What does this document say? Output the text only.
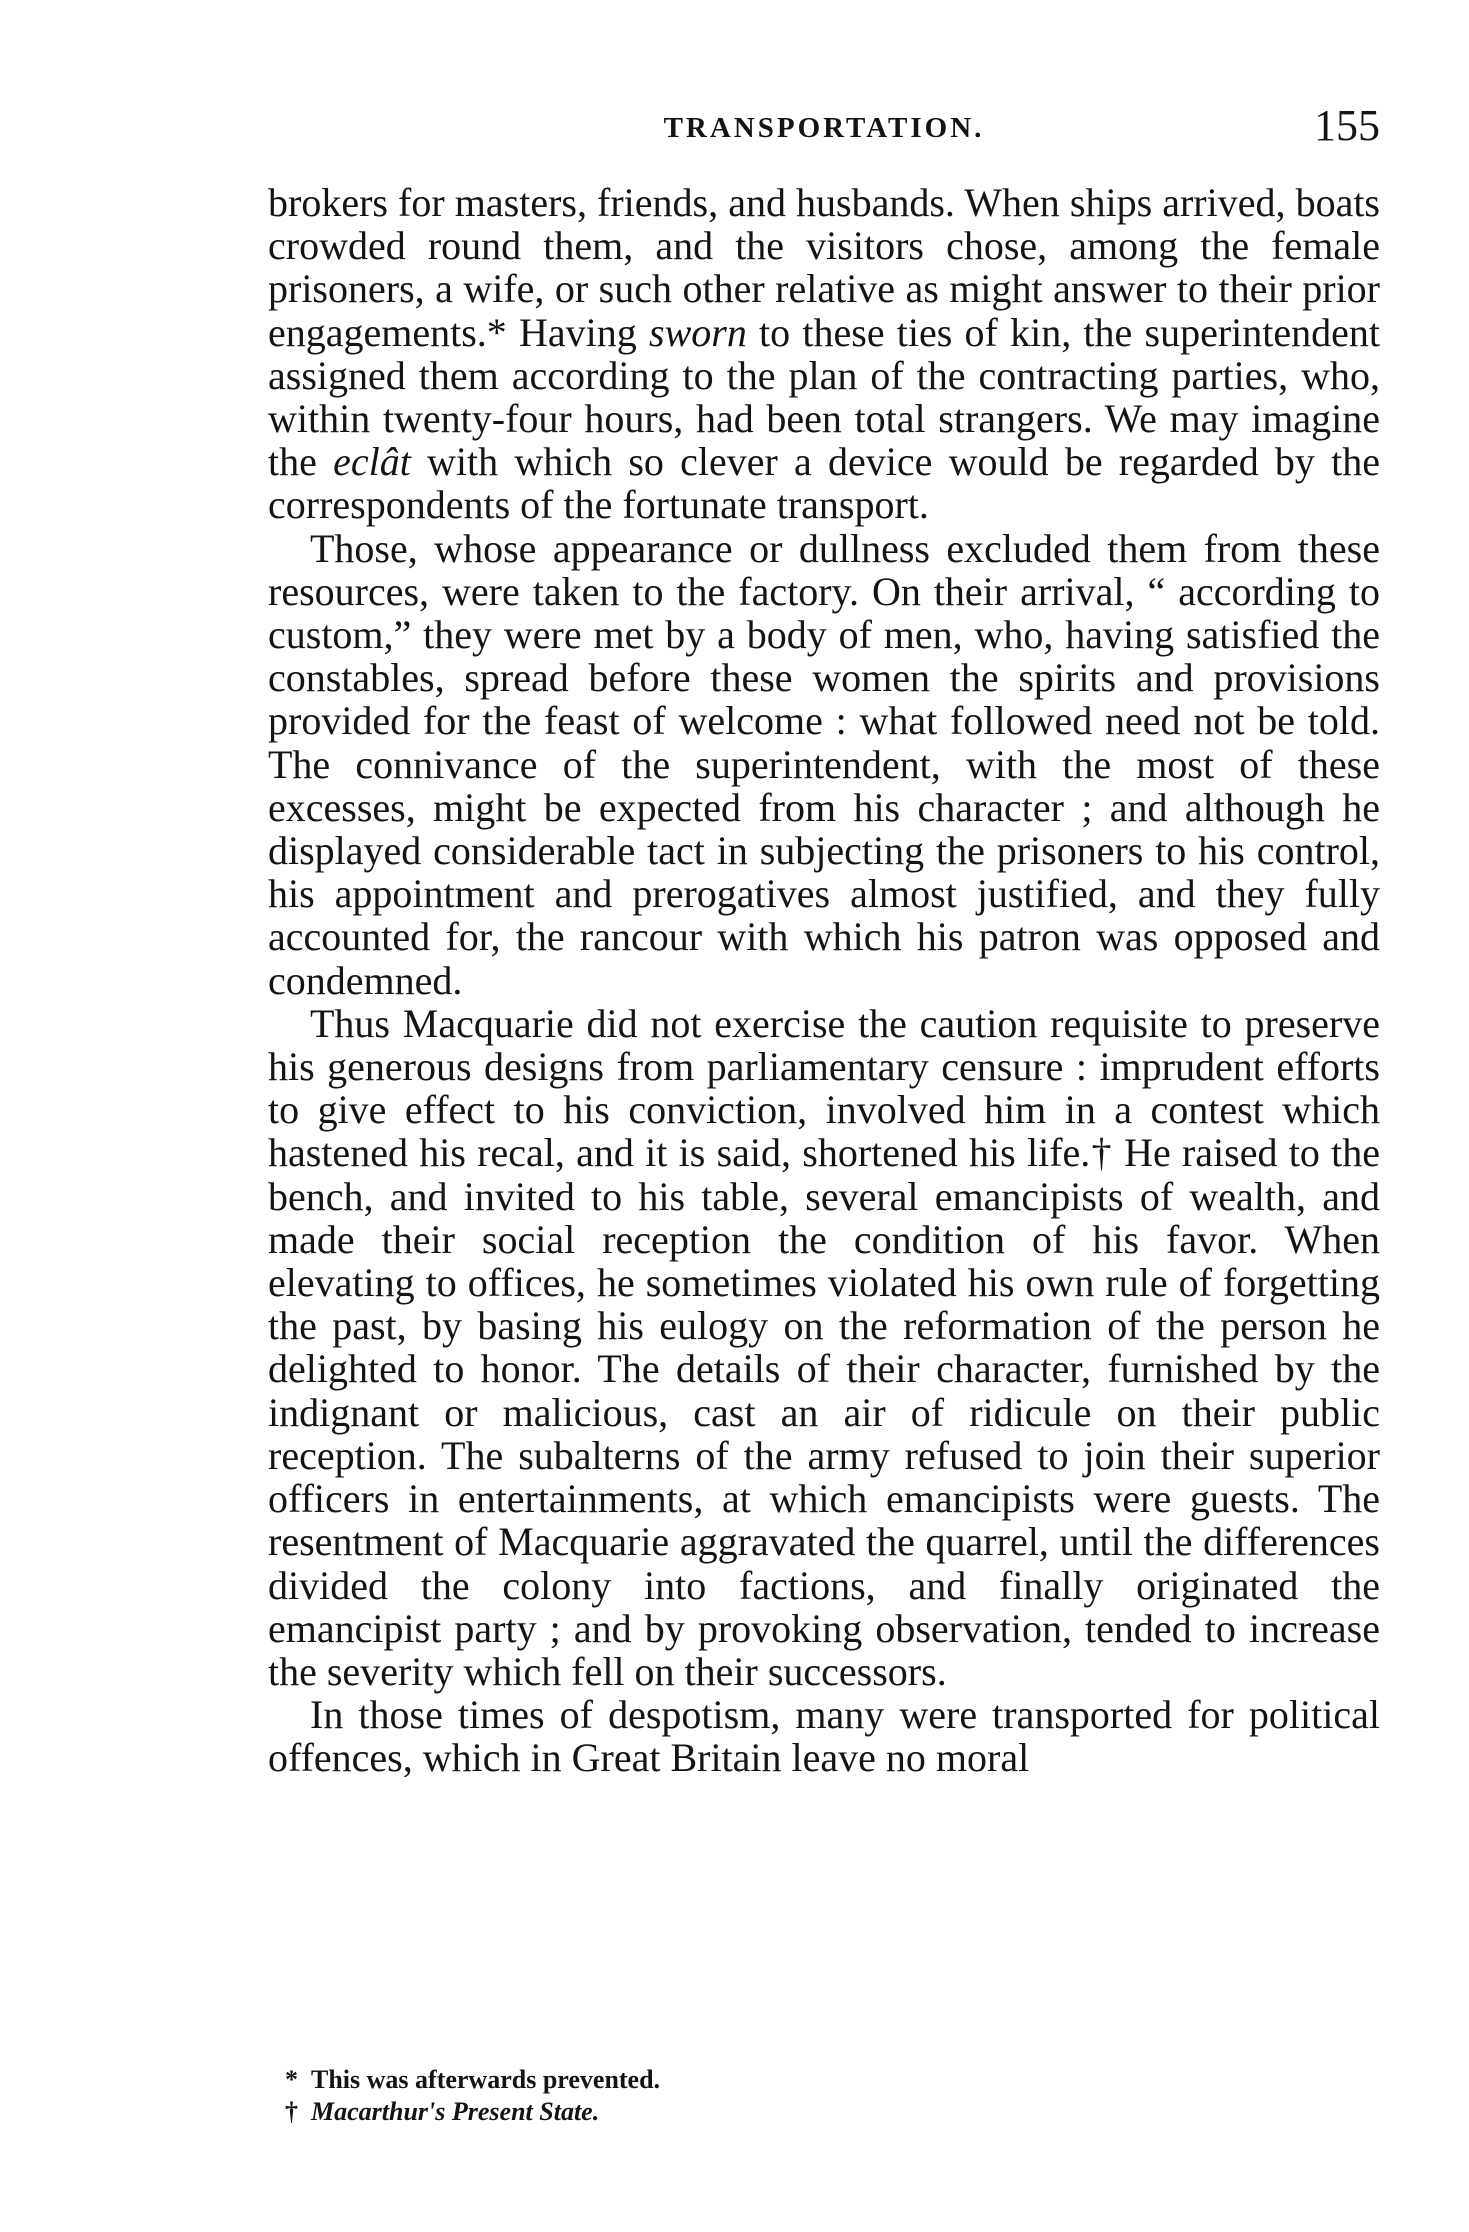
TRANSPORTATION.	155

brokers for masters, friends, and husbands. When ships arrived, boats crowded round them, and the visitors chose, among the female prisoners, a wife, or such other relative as might answer to their prior engagements.* Having sworn to these ties of kin, the superintendent assigned them according to the plan of the contracting parties, who, within twenty-four hours, had been total strangers. We may imagine the eclât with which so clever a device would be regarded by the correspondents of the fortunate transport.

Those, whose appearance or dullness excluded them from these resources, were taken to the factory. On their arrival, “ according to custom,” they were met by a body of men, who, having satisfied the constables, spread before these women the spirits and provisions provided for the feast of welcome : what followed need not be told. The connivance of the superintendent, with the most of these excesses, might be expected from his character ; and although he displayed considerable tact in subjecting the prisoners to his control, his appointment and prerogatives almost justified, and they fully accounted for, the rancour with which his patron was opposed and condemned.

Thus Macquarie did not exercise the caution requisite to preserve his generous designs from parliamentary censure : imprudent efforts to give effect to his conviction, involved him in a contest which hastened his recal, and it is said, shortened his life.† He raised to the bench, and invited to his table, several emancipists of wealth, and made their social reception the condition of his favor. When elevating to offices, he sometimes violated his own rule of forgetting the past, by basing his eulogy on the reformation of the person he delighted to honor. The details of their character, furnished by the indignant or malicious, cast an air of ridicule on their public reception. The subalterns of the army refused to join their superior officers in entertainments, at which emancipists were guests. The resentment of Macquarie aggravated the quarrel, until the differences divided the colony into factions, and finally originated the emancipist party ; and by provoking observation, tended to increase the severity which fell on their successors.

In those times of despotism, many were transported for political offences, which in Great Britain leave no moral

* This was afterwards prevented.

† Macarthur's Present State.
